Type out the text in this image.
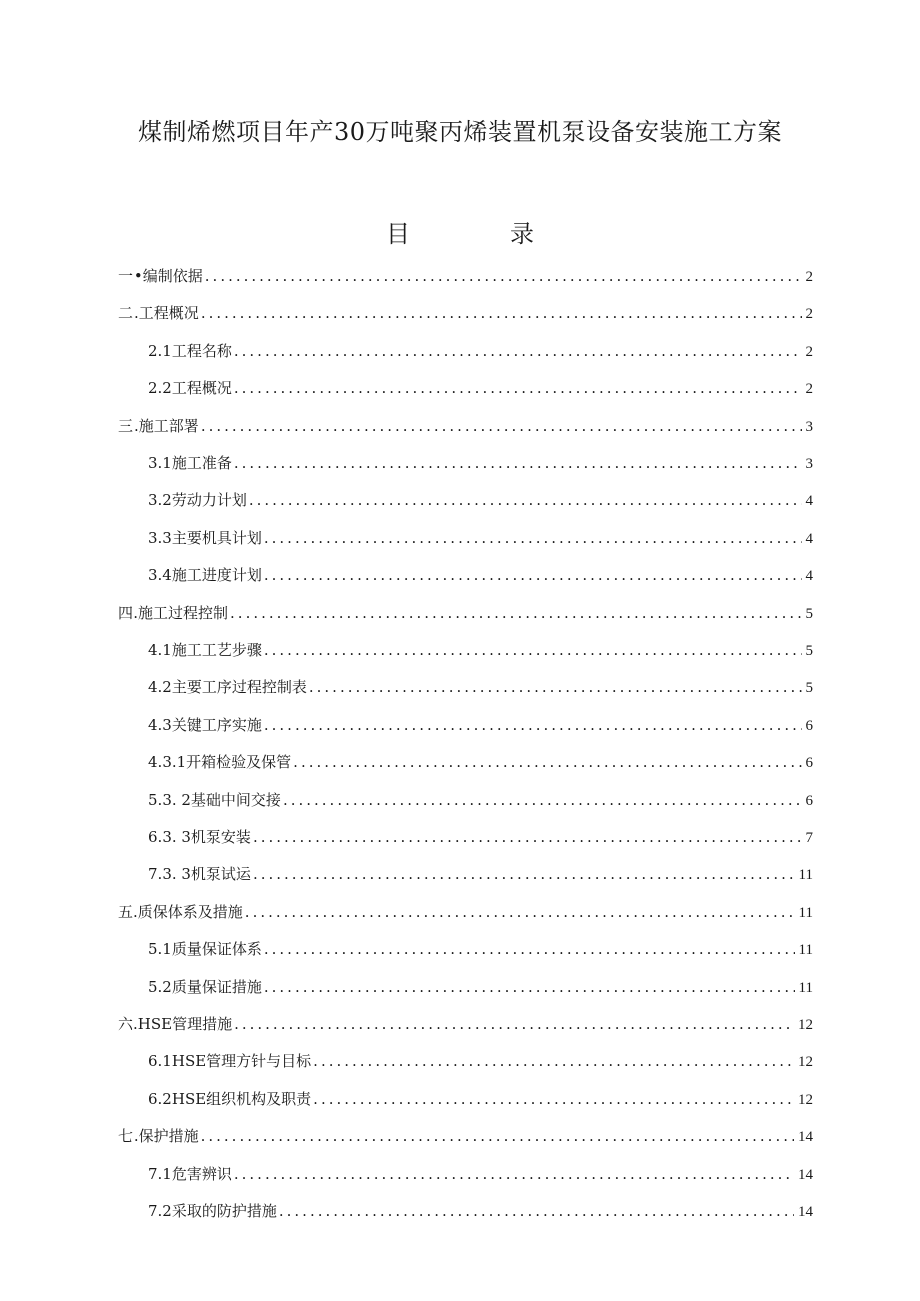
煤制烯燃项目年产30万吨聚丙烯装置机泵设备安装施工方案
目	录
一 •编制依据 .....	2
二 .工程概况 .....	2
2.1 工程名称 .....	2
2.2 工程概况 .....	2
三 .施工部署 .....	3
3.1 施工准备 .....	3
3.2 劳动力计划 .....	4
3.3 主要机具计划 .....	4
3.4 施工进度计划 .....	4
四 .施工过程控制 .....	5
4.1 施工工艺步骤 .....	5
4.2 主要工序过程控制表 .....	5
4.3 关键工序实施 .....	6
4. 3.1开箱检验及保管 .....	6
5. 3. 2基础中间交接 .....	6
6. 3. 3机泵安装 .....	7
7. 3. 3机泵试运 .....	11
五 .质保体系及措施 .....	11
5.1 质量保证体系 .....	11
5.2 质量保证措施 .....	11
六 .HSE管理措施 .....	12
6.1 HSE管理方针与目标 .....	12
6.2 HSE组织机构及职责 .....	12
七 .保护措施 .....	14
7.1 危害辨识 .....	14
7.2 采取的防护措施 .....	14
